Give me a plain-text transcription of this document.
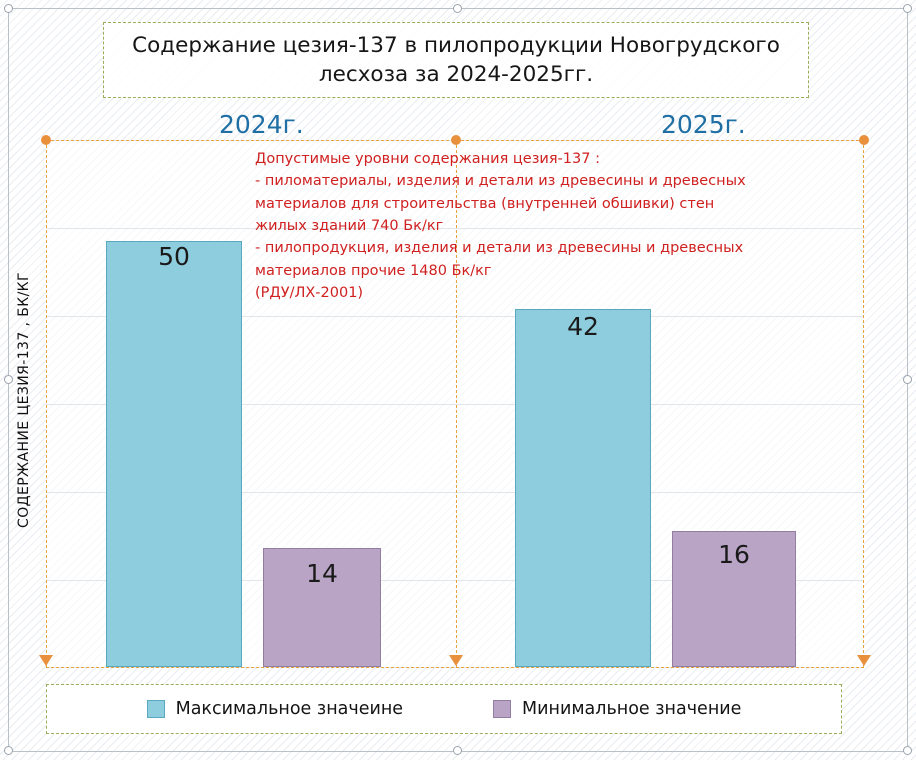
50
14
42
16
Содержание цезия-137 в пилопродукции Новогрудского лесхоза за 2024-2025гг.
2024г.	2025г.
Допустимые уровни содержания цезия-137 :
- пиломатериалы, изделия и детали из древесины и древесных
материалов для строительства (внутренней обшивки) стен
жилых зданий 740 Бк/кг
- пилопродукция, изделия и детали из древесины и древесных
материалов прочие 1480 Бк/кг
(РДУ/ЛХ-2001)
СОДЕРЖАНИЕ ЦЕЗИЯ-137 , БК/КГ
Максимальное значеине	Минимальное значение
